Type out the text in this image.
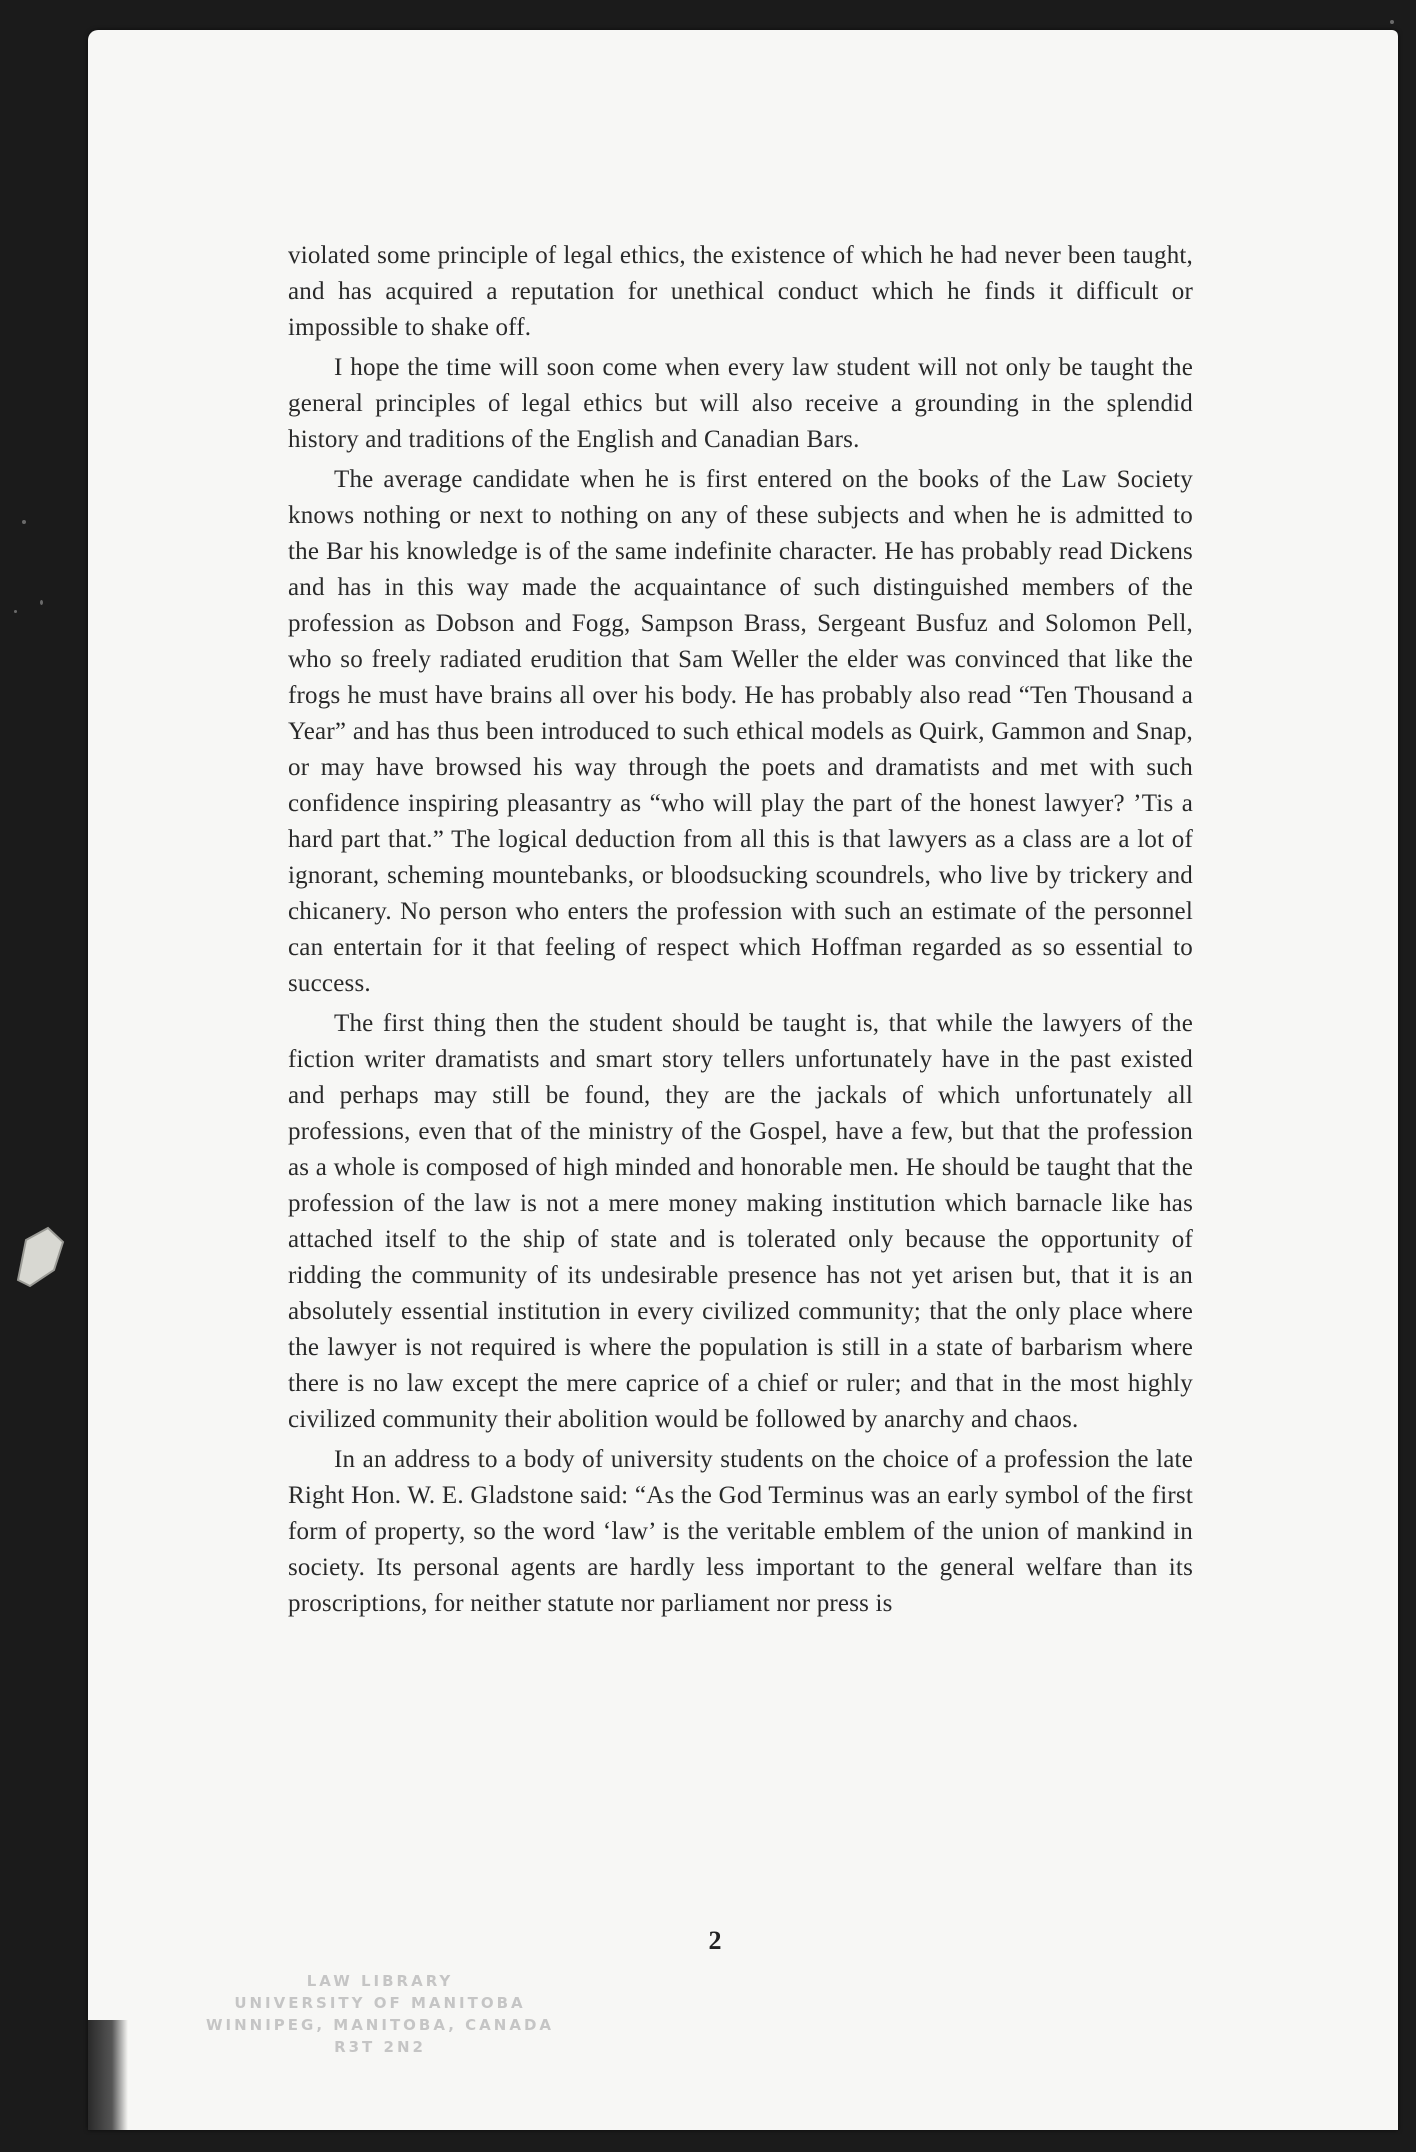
violated some principle of legal ethics, the existence of which he had never been taught, and has acquired a reputation for unethical conduct which he finds it difficult or impossible to shake off.

I hope the time will soon come when every law student will not only be taught the general principles of legal ethics but will also receive a grounding in the splendid history and traditions of the English and Canadian Bars.

The average candidate when he is first entered on the books of the Law Society knows nothing or next to nothing on any of these subjects and when he is admitted to the Bar his knowledge is of the same indefinite character. He has probably read Dickens and has in this way made the acquaintance of such distinguished members of the profession as Dobson and Fogg, Sampson Brass, Sergeant Busfuz and Solomon Pell, who so freely radiated erudition that Sam Weller the elder was convinced that like the frogs he must have brains all over his body. He has probably also read “Ten Thousand a Year” and has thus been introduced to such ethical models as Quirk, Gammon and Snap, or may have browsed his way through the poets and dramatists and met with such confidence inspiring pleasantry as “who will play the part of the honest lawyer? ’Tis a hard part that.” The logical deduction from all this is that lawyers as a class are a lot of ignorant, scheming mountebanks, or bloodsucking scoundrels, who live by trickery and chicanery. No person who enters the profession with such an estimate of the personnel can entertain for it that feeling of respect which Hoffman regarded as so essential to success.

The first thing then the student should be taught is, that while the lawyers of the fiction writer dramatists and smart story tellers unfortunately have in the past existed and perhaps may still be found, they are the jackals of which unfortunately all professions, even that of the ministry of the Gospel, have a few, but that the profession as a whole is composed of high minded and honorable men. He should be taught that the profession of the law is not a mere money making institution which barnacle like has attached itself to the ship of state and is tolerated only because the opportunity of ridding the community of its undesirable presence has not yet arisen but, that it is an absolutely essential institution in every civilized community; that the only place where the lawyer is not required is where the population is still in a state of barbarism where there is no law except the mere caprice of a chief or ruler; and that in the most highly civilized community their abolition would be followed by anarchy and chaos.

In an address to a body of university students on the choice of a profession the late Right Hon. W. E. Gladstone said: “As the God Terminus was an early symbol of the first form of property, so the word ‘law’ is the veritable emblem of the union of mankind in society. Its personal agents are hardly less important to the general welfare than its proscriptions, for neither statute nor parliament nor press is

2
LAW LIBRARY
UNIVERSITY OF MANITOBA
WINNIPEG, MANITOBA, CANADA
R3T 2N2
